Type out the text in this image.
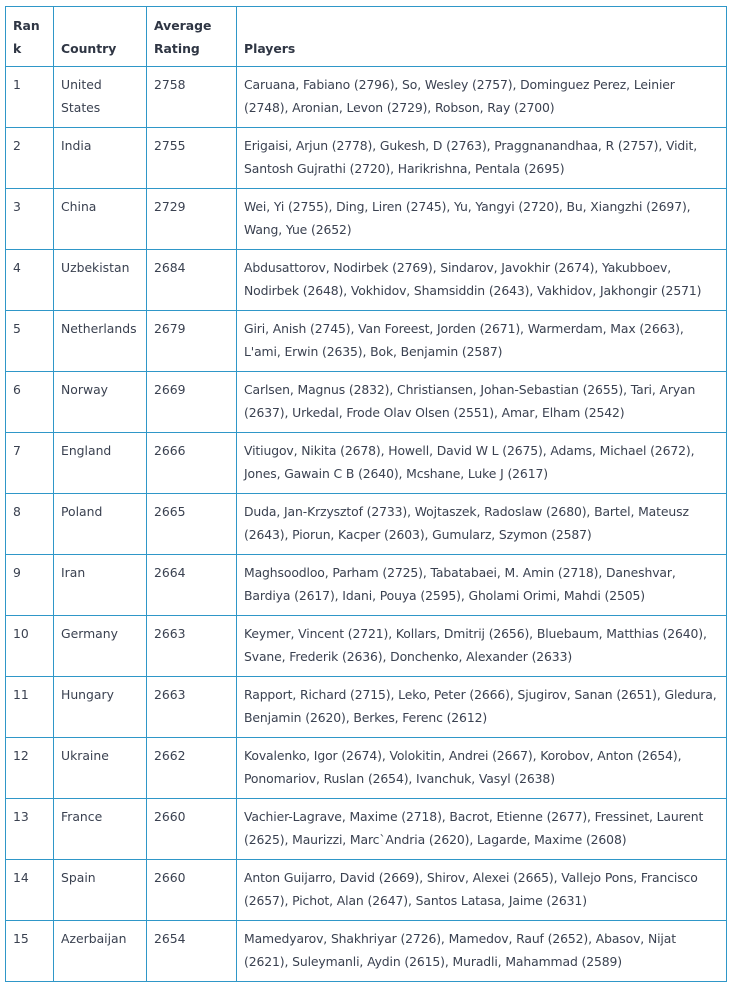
Rank	Country	Average Rating	Players
1	United States	2758	Caruana, Fabiano (2796), So, Wesley (2757), Dominguez Perez, Leinier (2748), Aronian, Levon (2729), Robson, Ray (2700)
2	India	2755	Erigaisi, Arjun (2778), Gukesh, D (2763), Praggnanandhaa, R (2757), Vidit, Santosh Gujrathi (2720), Harikrishna, Pentala (2695)
3	China	2729	Wei, Yi (2755), Ding, Liren (2745), Yu, Yangyi (2720), Bu, Xiangzhi (2697), Wang, Yue (2652)
4	Uzbekistan	2684	Abdusattorov, Nodirbek (2769), Sindarov, Javokhir (2674), Yakubboev, Nodirbek (2648), Vokhidov, Shamsiddin (2643), Vakhidov, Jakhongir (2571)
5	Netherlands	2679	Giri, Anish (2745), Van Foreest, Jorden (2671), Warmerdam, Max (2663), L'ami, Erwin (2635), Bok, Benjamin (2587)
6	Norway	2669	Carlsen, Magnus (2832), Christiansen, Johan-Sebastian (2655), Tari, Aryan (2637), Urkedal, Frode Olav Olsen (2551), Amar, Elham (2542)
7	England	2666	Vitiugov, Nikita (2678), Howell, David W L (2675), Adams, Michael (2672), Jones, Gawain C B (2640), Mcshane, Luke J (2617)
8	Poland	2665	Duda, Jan-Krzysztof (2733), Wojtaszek, Radoslaw (2680), Bartel, Mateusz (2643), Piorun, Kacper (2603), Gumularz, Szymon (2587)
9	Iran	2664	Maghsoodloo, Parham (2725), Tabatabaei, M. Amin (2718), Daneshvar, Bardiya (2617), Idani, Pouya (2595), Gholami Orimi, Mahdi (2505)
10	Germany	2663	Keymer, Vincent (2721), Kollars, Dmitrij (2656), Bluebaum, Matthias (2640), Svane, Frederik (2636), Donchenko, Alexander (2633)
11	Hungary	2663	Rapport, Richard (2715), Leko, Peter (2666), Sjugirov, Sanan (2651), Gledura, Benjamin (2620), Berkes, Ferenc (2612)
12	Ukraine	2662	Kovalenko, Igor (2674), Volokitin, Andrei (2667), Korobov, Anton (2654), Ponomariov, Ruslan (2654), Ivanchuk, Vasyl (2638)
13	France	2660	Vachier-Lagrave, Maxime (2718), Bacrot, Etienne (2677), Fressinet, Laurent (2625), Maurizzi, Marc`Andria (2620), Lagarde, Maxime (2608)
14	Spain	2660	Anton Guijarro, David (2669), Shirov, Alexei (2665), Vallejo Pons, Francisco (2657), Pichot, Alan (2647), Santos Latasa, Jaime (2631)
15	Azerbaijan	2654	Mamedyarov, Shakhriyar (2726), Mamedov, Rauf (2652), Abasov, Nijat (2621), Suleymanli, Aydin (2615), Muradli, Mahammad (2589)
